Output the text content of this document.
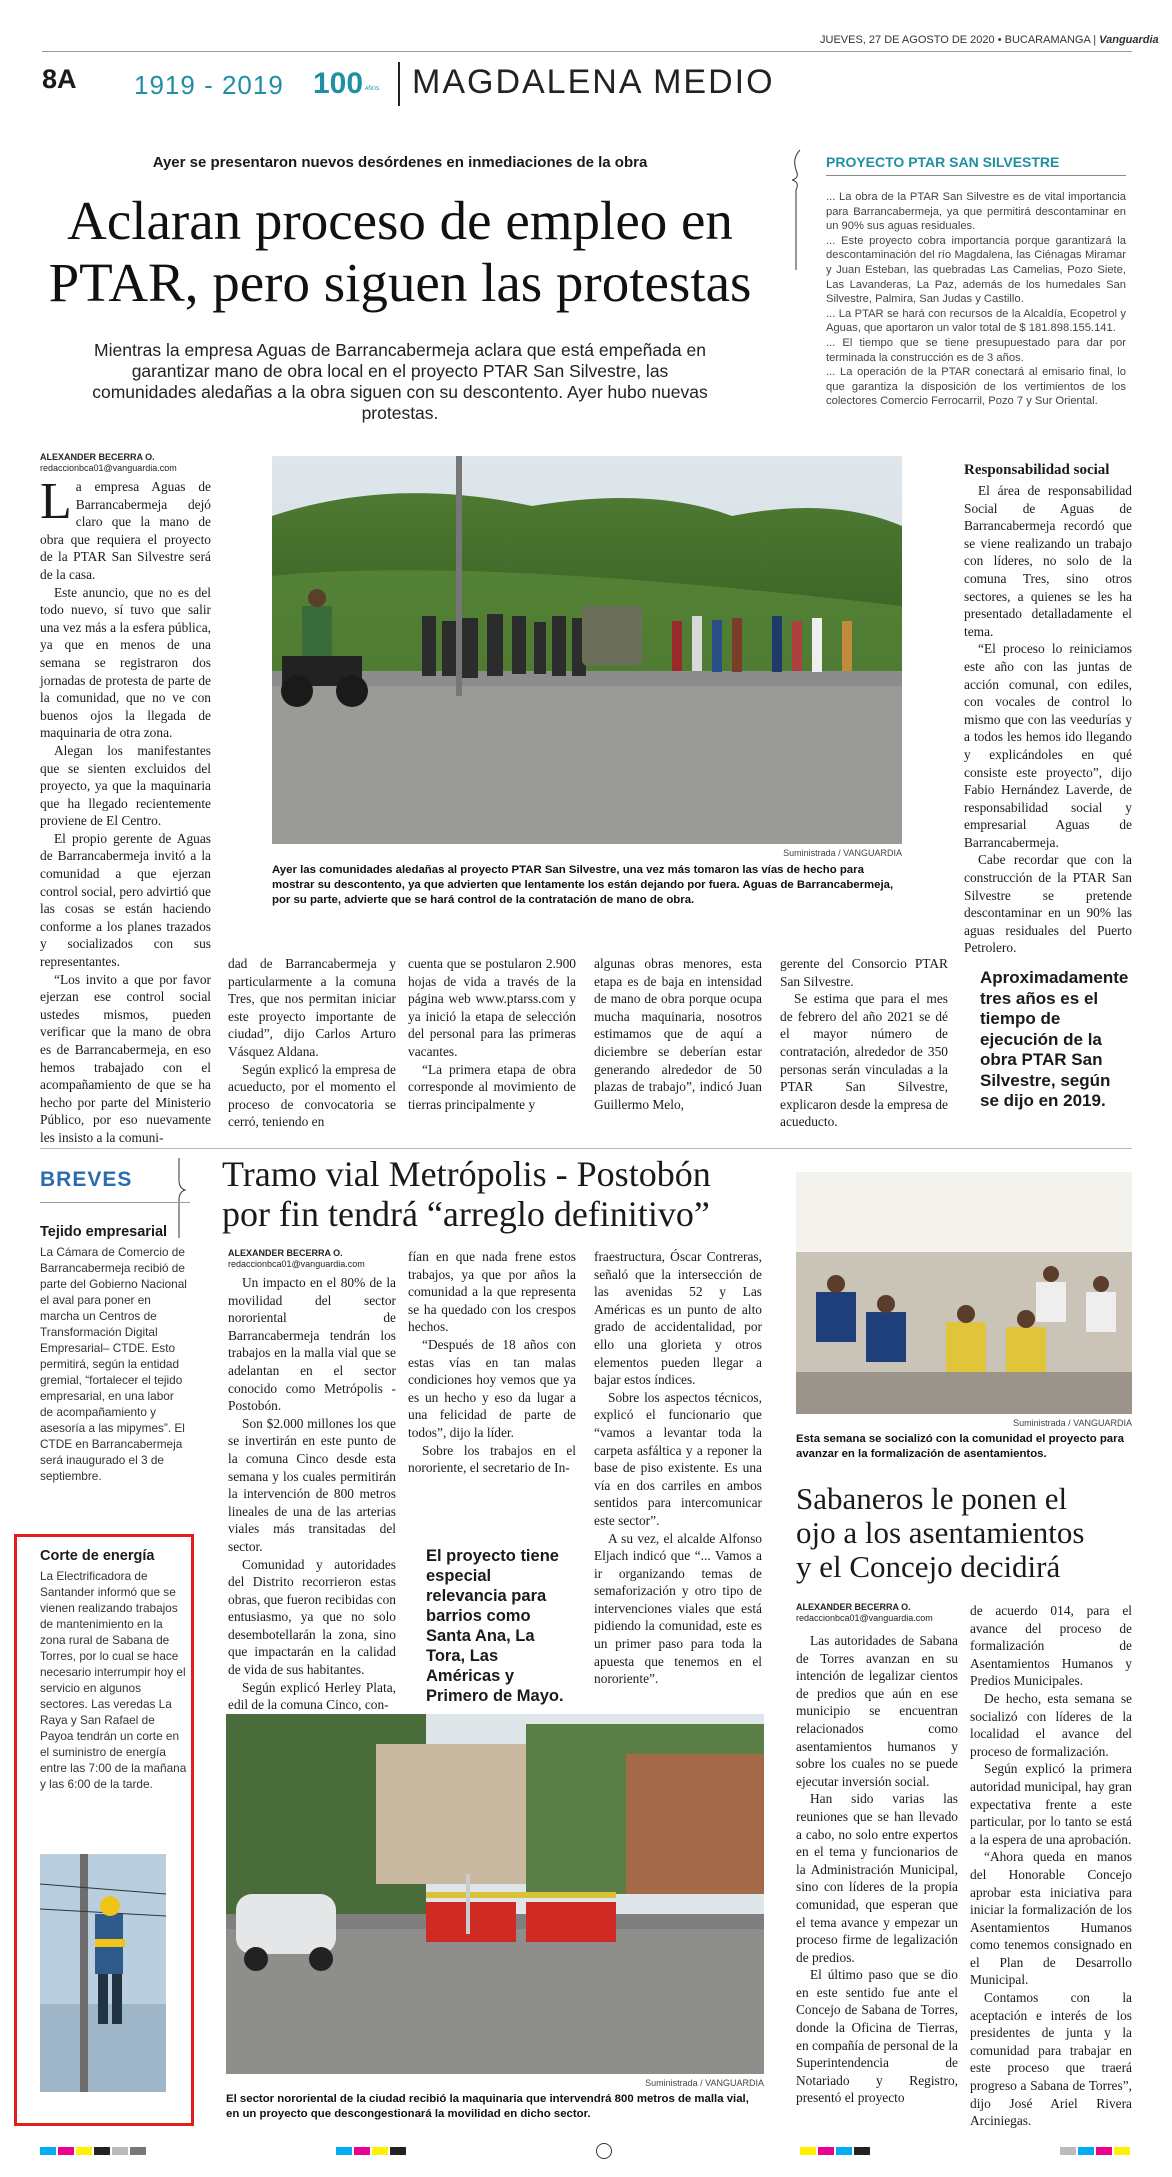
JUEVES, 27 DE AGOSTO DE 2020 • BUCARAMANGA | Vanguardia
8A 1919 - 2019 100 AÑOS MAGDALENA MEDIO
Ayer se presentaron nuevos desórdenes en inmediaciones de la obra
Aclaran proceso de empleo en
PTAR, pero siguen las protestas
Mientras la empresa Aguas de Barrancabermeja aclara que está empeñada en garantizar mano de obra local en el proyecto PTAR San Silvestre, las comunidades aledañas a la obra siguen con su descontento. Ayer hubo nuevas protestas.
PROYECTO PTAR SAN SILVESTRE
... La obra de la PTAR San Silvestre es de vital importancia para Barrancabermeja, ya que permitirá descontaminar en un 90% sus aguas residuales.
... Este proyecto cobra importancia porque garantizará la descontaminación del río Magdalena, las Ciénagas Miramar y Juan Esteban, las quebradas Las Camelias, Pozo Siete, Las Lavanderas, La Paz, además de los humedales San Silvestre, Palmira, San Judas y Castillo.
... La PTAR se hará con recursos de la Alcaldía, Ecopetrol y Aguas, que aportaron un valor total de $ 181.898.155.141.
... El tiempo que se tiene presupuestado para dar por terminada la construcción es de 3 años.
... La operación de la PTAR conectará al emisario final, lo que garantiza la disposición de los vertimientos de los colectores Comercio Ferrocarril, Pozo 7 y Sur Oriental.
ALEXANDER BECERRA O.
redaccionbca01@vanguardia.com

La empresa Aguas de Barrancabermeja dejó claro que la mano de obra que requiera el proyecto de la PTAR San Silvestre será de la casa.

Este anuncio, que no es del todo nuevo, sí tuvo que salir una vez más a la esfera pública, ya que en menos de una semana se registraron dos jornadas de protesta de parte de la comunidad, que no ve con buenos ojos la llegada de maquinaria de otra zona.

Alegan los manifestantes que se sienten excluidos del proyecto, ya que la maquinaria que ha llegado recientemente proviene de El Centro.

El propio gerente de Aguas de Barrancabermeja invitó a la comunidad a que ejerzan control social, pero advirtió que las cosas se están haciendo conforme a los planes trazados y socializados con sus representantes.

“Los invito a que por favor ejerzan ese control social ustedes mismos, pueden verificar que la mano de obra es de Barrancabermeja, en eso hemos trabajado con el acompañamiento de que se ha hecho por parte del Ministerio Público, por eso nuevamente les insisto a la comuni-

Suministrada / VANGUARDIA
Ayer las comunidades aledañas al proyecto PTAR San Silvestre, una vez más tomaron las vías de hecho para mostrar su descontento, ya que advierten que lentamente los están dejando por fuera. Aguas de Barrancabermeja, por su parte, advierte que se hará control de la contratación de mano de obra.

dad de Barrancabermeja y particularmente a la comuna Tres, que nos permitan iniciar este proyecto importante de ciudad”, dijo Carlos Arturo Vásquez Aldana.

Según explicó la empresa de acueducto, por el momento el proceso de convocatoria se cerró, teniendo en

cuenta que se postularon 2.900 hojas de vida a través de la página web www.ptarss.com y ya inició la etapa de selección del personal para las primeras vacantes.

“La primera etapa de obra corresponde al movimiento de tierras principalmente y

algunas obras menores, esta etapa es de baja en intensidad de mano de obra porque ocupa mucha maquinaria, nosotros estimamos que de aquí a diciembre se deberían estar generando alrededor de 50 plazas de trabajo”, indicó Juan Guillermo Melo,

gerente del Consorcio PTAR San Silvestre.

Se estima que para el mes de febrero del año 2021 se dé el mayor número de contratación, alrededor de 350 personas serán vinculadas a la PTAR San Silvestre, explicaron desde la empresa de acueducto.

Responsabilidad social

El área de responsabilidad Social de Aguas de Barrancabermeja recordó que se viene realizando un trabajo con líderes, no solo de la comuna Tres, sino otros sectores, a quienes se les ha presentado detalladamente el tema.

“El proceso lo reiniciamos este año con las juntas de acción comunal, con ediles, con vocales de control lo mismo que con las veedurías y a todos les hemos ido llegando y explicándoles en qué consiste este proyecto”, dijo Fabio Hernández Laverde, de responsabilidad social y empresarial Aguas de Barrancabermeja.

Cabe recordar que con la construcción de la PTAR San Silvestre se pretende descontaminar en un 90% las aguas residuales del Puerto Petrolero.

Aproximadamente tres años es el tiempo de ejecución de la obra PTAR San Silvestre, según se dijo en 2019.
BREVES
Tejido empresarial
La Cámara de Comercio de Barrancabermeja recibió de parte del Gobierno Nacional el aval para poner en marcha un Centros de Transformación Digital Empresarial– CTDE. Esto permitirá, según la entidad gremial, “fortalecer el tejido empresarial, en una labor de acompañamiento y asesoría a las mipymes”. El CTDE en Barrancabermeja será inaugurado el 3 de septiembre.
Corte de energía
La Electrificadora de Santander informó que se vienen realizando trabajos de mantenimiento en la zona rural de Sabana de Torres, por lo cual se hace necesario interrumpir hoy el servicio en algunos sectores. Las veredas La Raya y San Rafael de Payoa tendrán un corte en el suministro de energía entre las 7:00 de la mañana y las 6:00 de la tarde.
Tramo vial Metrópolis - Postobón
por fin tendrá “arreglo definitivo”
ALEXANDER BECERRA O.
redaccionbca01@vanguardia.com

Un impacto en el 80% de la movilidad del sector nororiental de Barrancabermeja tendrán los trabajos en la malla vial que se adelantan en el sector conocido como Metrópolis - Postobón.

Son $2.000 millones los que se invertirán en este punto de la comuna Cinco desde esta semana y los cuales permitirán la intervención de 800 metros lineales de una de las arterias viales más transitadas del sector.

Comunidad y autoridades del Distrito recorrieron estas obras, que fueron recibidas con entusiasmo, ya que no solo desembotellarán la zona, sino que impactarán en la calidad de vida de sus habitantes.

Según explicó Herley Plata, edil de la comuna Cinco, con-

fían en que nada frene estos trabajos, ya que por años la comunidad a la que representa se ha quedado con los crespos hechos.

“Después de 18 años con estas vías en tan malas condiciones hoy vemos que ya es un hecho y eso da lugar a una felicidad de parte de todos”, dijo la líder.

Sobre los trabajos en el nororiente, el secretario de In-

El proyecto tiene especial relevancia para barrios como Santa Ana, La Tora, Las Américas y Primero de Mayo.

fraestructura, Óscar Contreras, señaló que la intersección de las avenidas 52 y Las Américas es un punto de alto grado de accidentalidad, por ello una glorieta y otros elementos pueden llegar a bajar estos índices.

Sobre los aspectos técnicos, explicó el funcionario que “vamos a levantar toda la carpeta asfáltica y a reponer la base de piso existente. Es una vía en dos carriles en ambos sentidos para intercomunicar este sector”.

A su vez, el alcalde Alfonso Eljach indicó que “... Vamos a ir organizando temas de semaforización y otro tipo de intervenciones viales que está pidiendo la comunidad, este es un primer paso para toda la apuesta que tenemos en el nororiente”.

Suministrada / VANGUARDIA
El sector nororiental de la ciudad recibió la maquinaria que intervendrá 800 metros de malla vial, en un proyecto que descongestionará la movilidad en dicho sector.
Suministrada / VANGUARDIA
Esta semana se socializó con la comunidad el proyecto para avanzar en la formalización de asentamientos.
Sabaneros le ponen el
ojo a los asentamientos
y el Concejo decidirá
ALEXANDER BECERRA O.
redaccionbca01@vanguardia.com

Las autoridades de Sabana de Torres avanzan en su intención de legalizar cientos de predios que aún en ese municipio se encuentran relacionados como asentamientos humanos y sobre los cuales no se puede ejecutar inversión social.

Han sido varias las reuniones que se han llevado a cabo, no solo entre expertos en el tema y funcionarios de la Administración Municipal, sino con líderes de la propia comunidad, que esperan que el tema avance y empezar un proceso firme de legalización de predios.

El último paso que se dio en este sentido fue ante el Concejo de Sabana de Torres, donde la Oficina de Tierras, en compañía de personal de la Superintendencia de Notariado y Registro, presentó el proyecto

de acuerdo 014, para el avance del proceso de formalización de Asentamientos Humanos y Predios Municipales.

De hecho, esta semana se socializó con líderes de la localidad el avance del proceso de formalización.

Según explicó la primera autoridad municipal, hay gran expectativa frente a este particular, por lo tanto se está a la espera de una aprobación.

“Ahora queda en manos del Honorable Concejo aprobar esta iniciativa para iniciar la formalización de los Asentamientos Humanos como tenemos consignado en el Plan de Desarrollo Municipal.

Contamos con la aceptación e interés de los presidentes de junta y la comunidad para trabajar en este proceso que traerá progreso a Sabana de Torres”, dijo José Ariel Rivera Arciniegas.
